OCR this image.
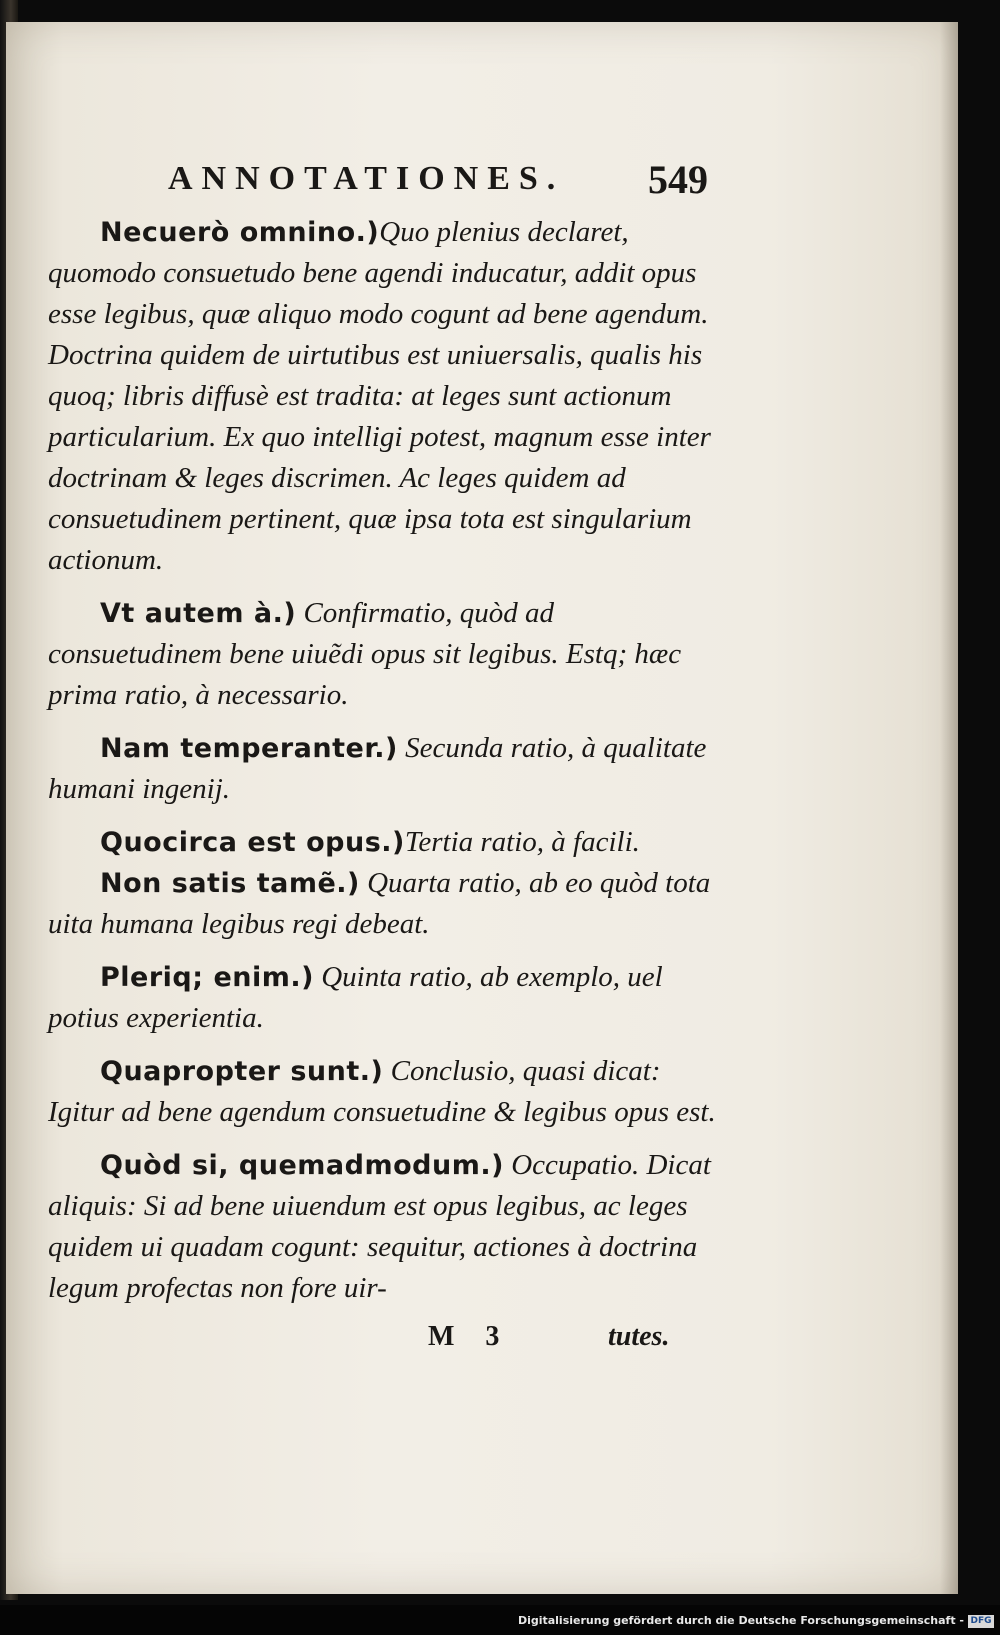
ANNOTATIONES. 549

Necuerò omnino.)Quo plenius declaret, quomodo consuetudo bene agendi inducatur, addit opus esse legibus, quæ aliquo modo cogunt ad bene agendum. Doctrina quidem de uirtutibus est uniuersalis, qualis his quoq; libris diffusè est tradita: at leges sunt actionum particularium. Ex quo intelligi potest, magnum esse inter doctrinam & leges discrimen. Ac leges quidem ad consuetudinem pertinent, quæ ipsa tota est singularium actionum.

Vt autem à.) Confirmatio, quòd ad consuetudinem bene uiuẽdi opus sit legibus. Estq; hæc prima ratio, à necessario.

Nam temperanter.) Secunda ratio, à qualitate humani ingenij.

Quocirca est opus.)Tertia ratio, à facili.

Non satis tamẽ.) Quarta ratio, ab eo quòd tota uita humana legibus regi debeat.

Pleriq; enim.) Quinta ratio, ab exemplo, uel potius experientia.

Quapropter sunt.) Conclusio, quasi dicat: Igitur ad bene agendum consuetudine & legibus opus est.

Quòd si, quemadmodum.) Occupatio. Dicat aliquis: Si ad bene uiuendum est opus legibus, ac leges quidem ui quadam cogunt: sequitur, actiones à doctrina legum profectas non fore uir-

M 3	tutes.
Digitalisierung gefördert durch die Deutsche Forschungsgemeinschaft - DFG
